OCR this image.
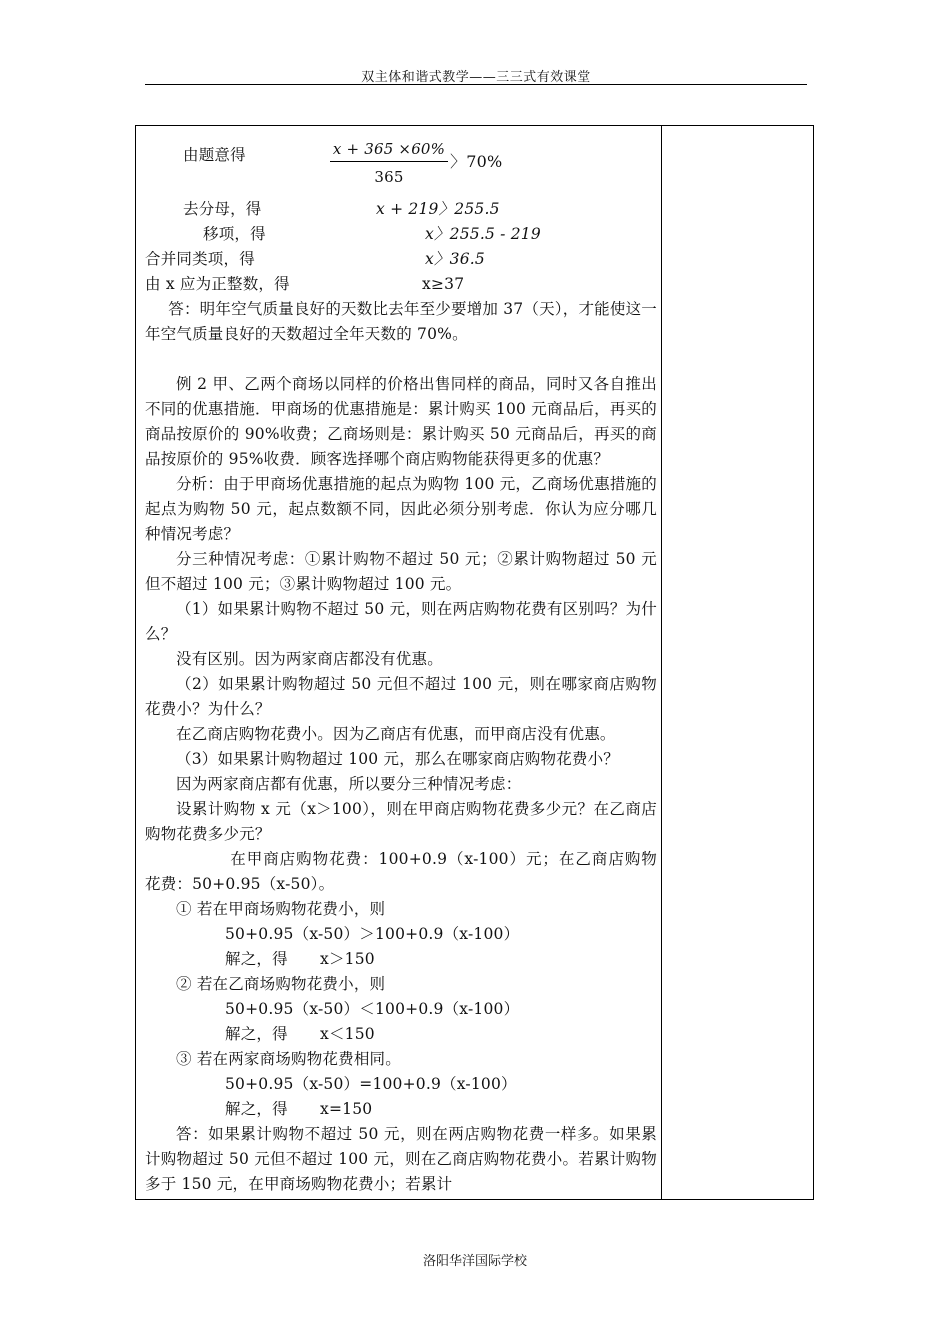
双主体和谐式教学——三三式有效课堂
由题意得	x + 365 ×60%
365
〉70%
去分母，得	x + 219〉255.5
移项，得	x〉255.5 - 219
合并同类项，得	x〉36.5
由 x 应为正整数，得	x≥37
答：明年空气质量良好的天数比去年至少要增加 37（天），才能使这一年空气质量良好的天数超过全年天数的 70%。
例 2 甲、乙两个商场以同样的价格出售同样的商品，同时又各自推出不同的优惠措施．甲商场的优惠措施是：累计购买 100 元商品后，再买的商品按原价的 90%收费；乙商场则是：累计购买 50 元商品后，再买的商品按原价的 95%收费．顾客选择哪个商店购物能获得更多的优惠？
分析：由于甲商场优惠措施的起点为购物 100 元，乙商场优惠措施的起点为购物 50 元，起点数额不同，因此必须分别考虑．你认为应分哪几种情况考虑？
分三种情况考虑：①累计购物不超过 50 元；②累计购物超过 50 元但不超过 100 元；③累计购物超过 100 元。
（1）如果累计购物不超过 50 元，则在两店购物花费有区别吗？为什么？
没有区别。因为两家商店都没有优惠。
（2）如果累计购物超过 50 元但不超过 100 元，则在哪家商店购物花费小？为什么？
在乙商店购物花费小。因为乙商店有优惠，而甲商店没有优惠。
（3）如果累计购物超过 100 元，那么在哪家商店购物花费小？
因为两家商店都有优惠，所以要分三种情况考虑：
设累计购物 x 元（x＞100），则在甲商店购物花费多少元？在乙商店购物花费多少元？
在甲商店购物花费：100+0.9（x-100）元；在乙商店购物花费：50+0.95（x-50）。
① 若在甲商场购物花费小，则
50+0.95（x-50）＞100+0.9（x-100）
解之，得 x＞150
② 若在乙商场购物花费小，则
50+0.95（x-50）＜100+0.9（x-100）
解之，得 x＜150
③ 若在两家商场购物花费相同。
50+0.95（x-50）=100+0.9（x-100）
解之，得 x=150
答：如果累计购物不超过 50 元，则在两店购物花费一样多。如果累计购物超过 50 元但不超过 100 元，则在乙商店购物花费小。若累计购物多于 150 元，在甲商场购物花费小；若累计
洛阳华洋国际学校
